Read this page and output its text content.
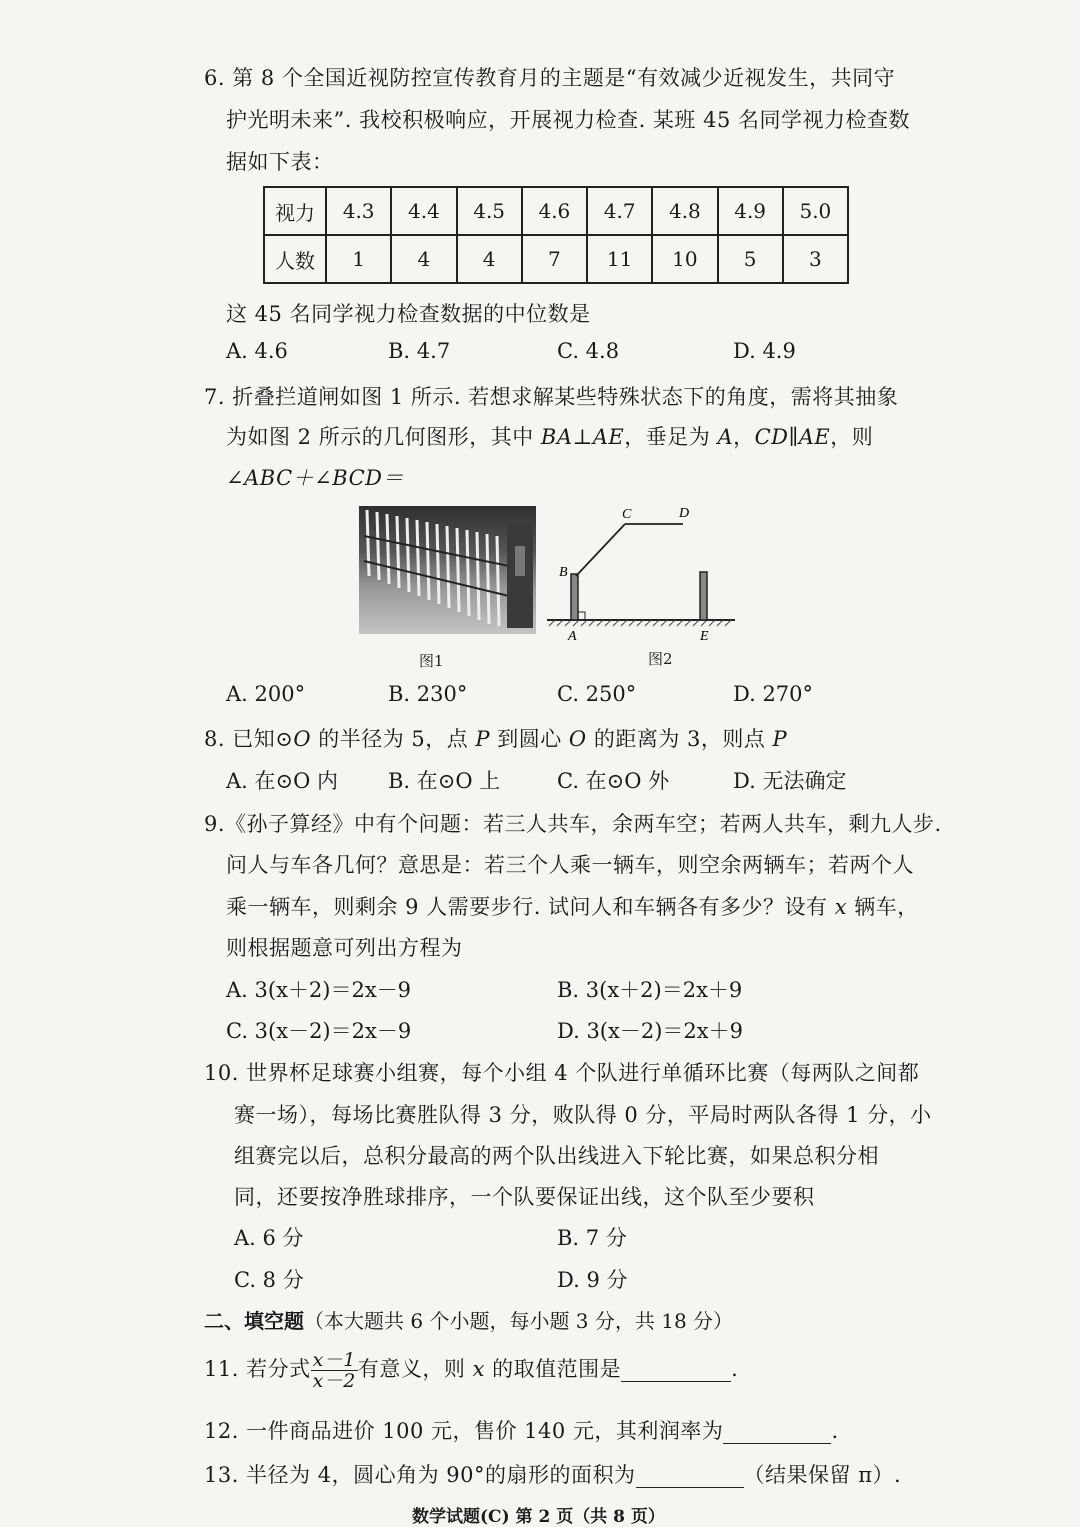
6. 第 8 个全国近视防控宣传教育月的主题是“有效减少近视发生，共同守
护光明未来”. 我校积极响应，开展视力检查. 某班 45 名同学视力检查数
据如下表：
视力	4.3	4.4	4.5	4.6	4.7	4.8	4.9	5.0
人数	1	4	4	7	11	10	5	3
这 45 名同学视力检查数据的中位数是
A. 4.6	B. 4.7	C. 4.8	D. 4.9
7. 折叠拦道闸如图 1 所示. 若想求解某些特殊状态下的角度，需将其抽象
为如图 2 所示的几何图形，其中 BA⊥AE，垂足为 A，CD∥AE，则
∠ABC＋∠BCD＝
图1
B
C	D
A	E
图2
A. 200°	B. 230°	C. 250°	D. 270°
8. 已知⊙O 的半径为 5，点 P 到圆心 O 的距离为 3，则点 P
A. 在⊙O 内 B. 在⊙O 上	C. 在⊙O 外	D. 无法确定
9.《孙子算经》中有个问题：若三人共车，余两车空；若两人共车，剩九人步.
问人与车各几何？意思是：若三个人乘一辆车，则空余两辆车；若两个人
乘一辆车，则剩余 9 人需要步行. 试问人和车辆各有多少？设有 x 辆车，
则根据题意可列出方程为
A. 3(x＋2)＝2x－9	B. 3(x＋2)＝2x＋9
C. 3(x－2)＝2x－9	D. 3(x－2)＝2x＋9
10. 世界杯足球赛小组赛，每个小组 4 个队进行单循环比赛（每两队之间都
赛一场），每场比赛胜队得 3 分，败队得 0 分，平局时两队各得 1 分，小
组赛完以后，总积分最高的两个队出线进入下轮比赛，如果总积分相
同，还要按净胜球排序，一个队要保证出线，这个队至少要积
A. 6 分	B. 7 分
C. 8 分	D. 9 分
二、填空题（本大题共 6 个小题，每小题 3 分，共 18 分）
11. 若分式 $\frac{x-1}{x-2}$ 有意义，则 x 的取值范围是	.
12. 一件商品进价 100 元，售价 140 元，其利润率为	.
13. 半径为 4，圆心角为 90°的扇形的面积为	（结果保留 π）.
数学试题(C) 第 2 页（共 8 页）
